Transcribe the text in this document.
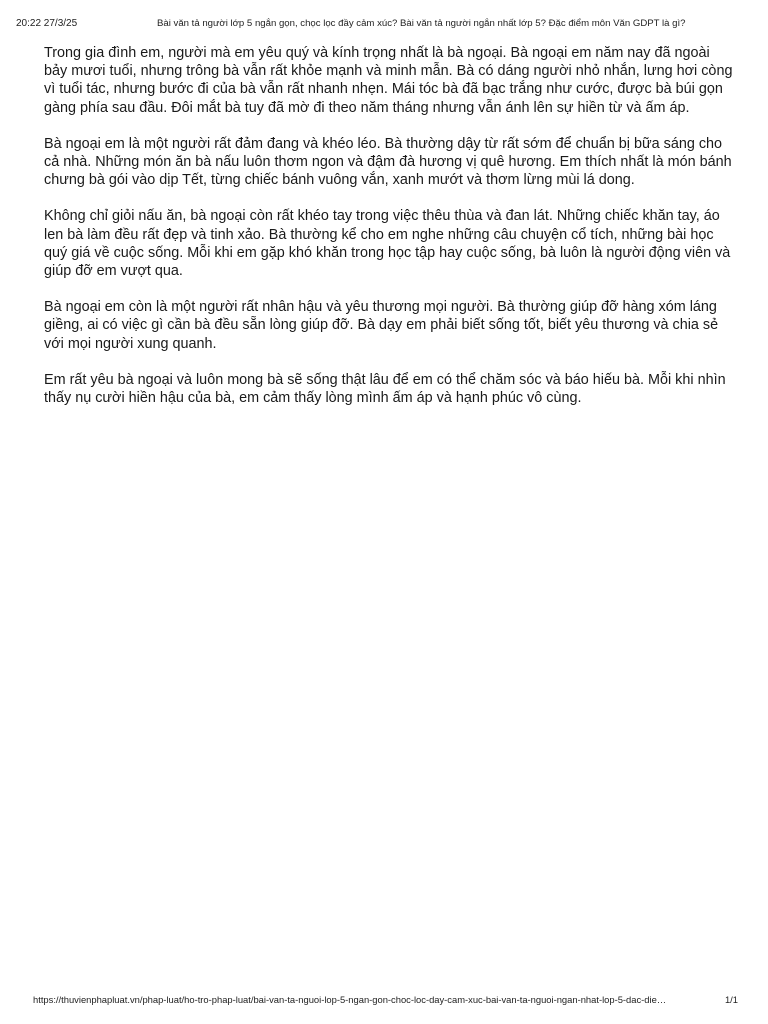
20:22 27/3/25	Bài văn tả người lớp 5 ngắn gọn, chọc lọc đầy cảm xúc? Bài văn tả người ngắn nhất lớp 5? Đặc điểm môn Văn GDPT là gì?

Trong gia đình em, người mà em yêu quý và kính trọng nhất là bà ngoại. Bà ngoại em năm nay đã ngoài bảy mươi tuổi, nhưng trông bà vẫn rất khỏe mạnh và minh mẫn. Bà có dáng người nhỏ nhắn, lưng hơi còng vì tuổi tác, nhưng bước đi của bà vẫn rất nhanh nhẹn. Mái tóc bà đã bạc trắng như cước, được bà búi gọn gàng phía sau đầu. Đôi mắt bà tuy đã mờ đi theo năm tháng nhưng vẫn ánh lên sự hiền từ và ấm áp.

Bà ngoại em là một người rất đảm đang và khéo léo. Bà thường dậy từ rất sớm để chuẩn bị bữa sáng cho cả nhà. Những món ăn bà nấu luôn thơm ngon và đậm đà hương vị quê hương. Em thích nhất là món bánh chưng bà gói vào dịp Tết, từng chiếc bánh vuông vắn, xanh mướt và thơm lừng mùi lá dong.

Không chỉ giỏi nấu ăn, bà ngoại còn rất khéo tay trong việc thêu thùa và đan lát. Những chiếc khăn tay, áo len bà làm đều rất đẹp và tinh xảo. Bà thường kể cho em nghe những câu chuyện cổ tích, những bài học quý giá về cuộc sống. Mỗi khi em gặp khó khăn trong học tập hay cuộc sống, bà luôn là người động viên và giúp đỡ em vượt qua.

Bà ngoại em còn là một người rất nhân hậu và yêu thương mọi người. Bà thường giúp đỡ hàng xóm láng giềng, ai có việc gì cần bà đều sẵn lòng giúp đỡ. Bà dạy em phải biết sống tốt, biết yêu thương và chia sẻ với mọi người xung quanh.

Em rất yêu bà ngoại và luôn mong bà sẽ sống thật lâu để em có thể chăm sóc và báo hiếu bà. Mỗi khi nhìn thấy nụ cười hiền hậu của bà, em cảm thấy lòng mình ấm áp và hạnh phúc vô cùng.

https://thuvienphapluat.vn/phap-luat/ho-tro-phap-luat/bai-van-ta-nguoi-lop-5-ngan-gon-choc-loc-day-cam-xuc-bai-van-ta-nguoi-ngan-nhat-lop-5-dac-die…	1/1
